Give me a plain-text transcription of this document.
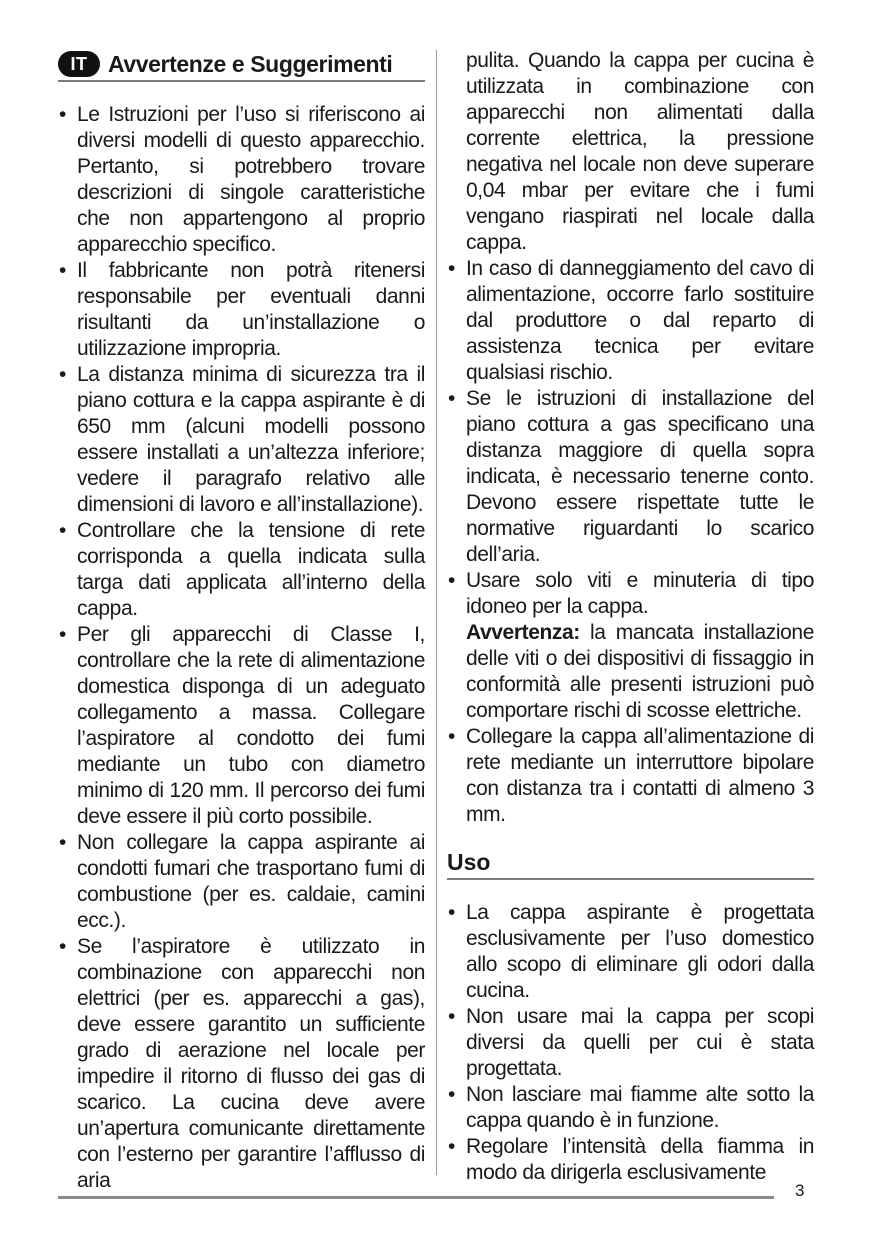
IT Avvertenze e Suggerimenti
• Le Istruzioni per l’uso si riferiscono ai diversi modelli di questo apparecchio. Pertanto, si potrebbero trovare descrizioni di singole caratteristiche che non appartengono al proprio apparecchio specifico.
• Il fabbricante non potrà ritenersi responsabile per eventuali danni risultanti da un’installazione o utilizzazione impropria.
• La distanza minima di sicurezza tra il piano cottura e la cappa aspirante è di 650 mm (alcuni modelli possono essere installati a un’altezza inferiore; vedere il paragrafo relativo alle dimensioni di lavoro e all’installazione).
• Controllare che la tensione di rete corrisponda a quella indicata sulla targa dati applicata all’interno della cappa.
• Per gli apparecchi di Classe I, controllare che la rete di alimentazione domestica disponga di un adeguato collegamento a massa. Collegare l’aspiratore al condotto dei fumi mediante un tubo con diametro minimo di 120 mm. Il percorso dei fumi deve essere il più corto possibile.
• Non collegare la cappa aspirante ai condotti fumari che trasportano fumi di combustione (per es. caldaie, camini ecc.).
• Se l’aspiratore è utilizzato in combinazione con apparecchi non elettrici (per es. apparecchi a gas), deve essere garantito un sufficiente grado di aerazione nel locale per impedire il ritorno di flusso dei gas di scarico. La cucina deve avere un’apertura comunicante direttamente con l’esterno per garantire l’afflusso di aria
pulita. Quando la cappa per cucina è utilizzata in combinazione con apparecchi non alimentati dalla corrente elettrica, la pressione negativa nel locale non deve superare 0,04 mbar per evitare che i fumi vengano riaspirati nel locale dalla cappa.
• In caso di danneggiamento del cavo di alimentazione, occorre farlo sostituire dal produttore o dal reparto di assistenza tecnica per evitare qualsiasi rischio.
• Se le istruzioni di installazione del piano cottura a gas specificano una distanza maggiore di quella sopra indicata, è necessario tenerne conto. Devono essere rispettate tutte le normative riguardanti lo scarico dell’aria.
• Usare solo viti e minuteria di tipo idoneo per la cappa.
Avvertenza: la mancata installazione delle viti o dei dispositivi di fissaggio in conformità alle presenti istruzioni può comportare rischi di scosse elettriche.
• Collegare la cappa all’alimentazione di rete mediante un interruttore bipolare con distanza tra i contatti di almeno 3 mm.
Uso
• La cappa aspirante è progettata esclusivamente per l’uso domestico allo scopo di eliminare gli odori dalla cucina.
• Non usare mai la cappa per scopi diversi da quelli per cui è stata progettata.
• Non lasciare mai fiamme alte sotto la cappa quando è in funzione.
• Regolare l’intensità della fiamma in modo da dirigerla esclusivamente
3
